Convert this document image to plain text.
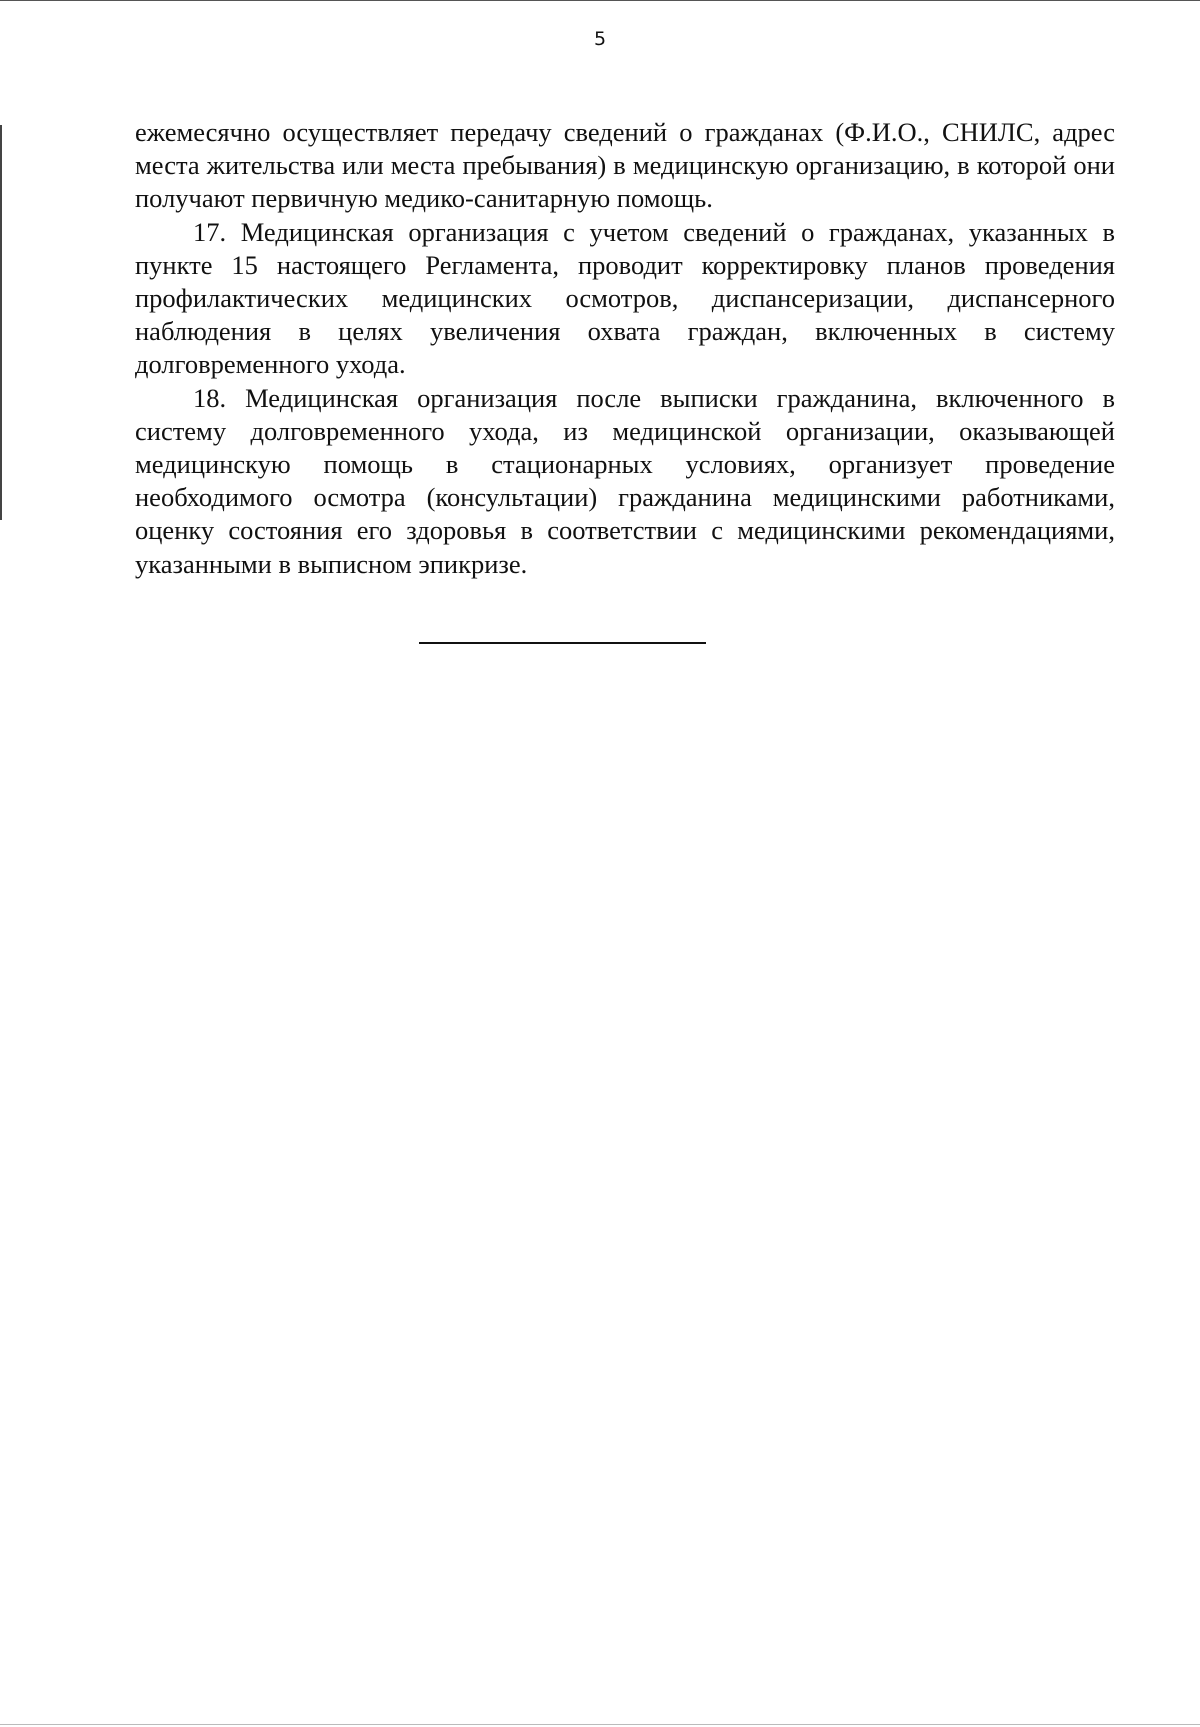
5

ежемесячно осуществляет передачу сведений о гражданах (Ф.И.О., СНИЛС, адрес места жительства или места пребывания) в медицинскую организацию, в которой они получают первичную медико-санитарную помощь.

17. Медицинская организация с учетом сведений о гражданах, указанных в пункте 15 настоящего Регламента, проводит корректировку планов проведения профилактических медицинских осмотров, диспансеризации, диспансерного наблюдения в целях увеличения охвата граждан, включенных в систему долговременного ухода.

18. Медицинская организация после выписки гражданина, включенного в систему долговременного ухода, из медицинской организации, оказывающей медицинскую помощь в стационарных условиях, организует проведение необходимого осмотра (консультации) гражданина медицинскими работниками, оценку состояния его здоровья в соответствии с медицинскими рекомендациями, указанными в выписном эпикризе.
